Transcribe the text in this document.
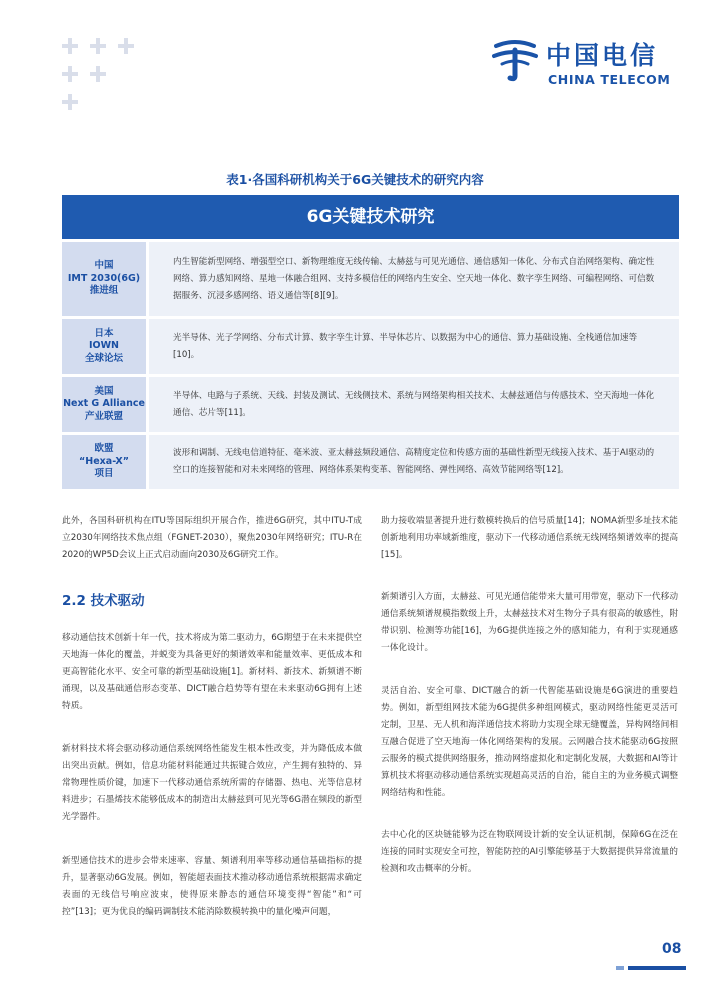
中国电信
CHINA TELECOM
表1·各国科研机构关于6G关键技术的研究内容
6G关键技术研究
中国
IMT 2030(6G)
推进组
内生智能新型网络、增强型空口、新物理维度无线传输、太赫兹与可见光通信、通信感知一体化、分布式自治网络架构、确定性网络、算力感知网络、星地一体融合组网、支持多模信任的网络内生安全、空天地一体化、数字孪生网络、可编程网络、可信数据服务、沉浸多感网络、语义通信等[8][9]。
日本
IOWN
全球论坛
光半导体、光子学网络、分布式计算、数字孪生计算、半导体芯片、以数据为中心的通信、算力基础设施、全栈通信加速等[10]。
美国
Next G Alliance
产业联盟
半导体、电路与子系统、天线、封装及测试、无线侧技术、系统与网络架构相关技术、太赫兹通信与传感技术、空天海地一体化通信、芯片等[11]。
欧盟
“Hexa-X”
项目
波形和调制、无线电信道特征、毫米波、亚太赫兹频段通信、高精度定位和传感方面的基础性新型无线接入技术、基于AI驱动的空口的连接智能和对未来网络的管理、网络体系架构变革、智能网络、弹性网络、高效节能网络等[12]。

此外，各国科研机构在ITU等国际组织开展合作，推进6G研究，其中ITU-T成立2030年网络技术焦点组（FGNET-2030），聚焦2030年网络研究；ITU-R在2020的WP5D会议上正式启动面向2030及6G研究工作。

2.2 技术驱动

移动通信技术创新十年一代，技术将成为第二驱动力，6G期望于在未来提供空天地海一体化的覆盖，并蜕变为具备更好的频谱效率和能量效率、更低成本和更高智能化水平、安全可靠的新型基础设施[1]。新材料、新技术、新频谱不断涌现，以及基础通信形态变革、DICT融合趋势等有望在未来驱动6G拥有上述特质。

新材料技术将会驱动移动通信系统网络性能发生根本性改变，并为降低成本做出突出贡献。例如，信息功能材料能通过共振键合效应，产生拥有独特的、异常物理性质价键，加速下一代移动通信系统所需的存储器、热电、光等信息材料进步；石墨烯技术能够低成本的制造出太赫兹到可见光等6G潜在频段的新型光学器件。

新型通信技术的进步会带来速率、容量、频谱利用率等移动通信基础指标的提升，显著驱动6G发展。例如，智能超表面技术推动移动通信系统根据需求确定表面的无线信号响应波束，使得原来静态的通信环境变得“智能”和“可控”[13]；更为优良的编码调制技术能消除数模转换中的量化噪声问题，

助力接收端显著提升进行数模转换后的信号质量[14]；NOMA新型多址技术能创新地利用功率域新维度，驱动下一代移动通信系统无线网络频谱效率的提高[15]。

新频谱引入方面，太赫兹、可见光通信能带来大量可用带宽，驱动下一代移动通信系统频谱规模指数级上升，太赫兹技术对生物分子具有很高的敏感性，附带识别、检测等功能[16]，为6G提供连接之外的感知能力，有利于实现通感一体化设计。

灵活自治、安全可靠、DICT融合的新一代智能基础设施是6G演进的重要趋势。例如，新型组网技术能为6G提供多种组网模式，驱动网络性能更灵活可定制，卫星、无人机和海洋通信技术将助力实现全球无缝覆盖，异构网络间相互融合促进了空天地海一体化网络架构的发展。云网融合技术能驱动6G按照云服务的模式提供网络服务，推动网络虚拟化和定制化发展，大数据和AI等计算机技术将驱动移动通信系统实现超高灵活的自治，能自主的为业务模式调整网络结构和性能。

去中心化的区块链能够为泛在物联网设计新的安全认证机制，保障6G在泛在连接的同时实现安全可控，智能防控的AI引擎能够基于大数据提供异常流量的检测和攻击概率的分析。

08
